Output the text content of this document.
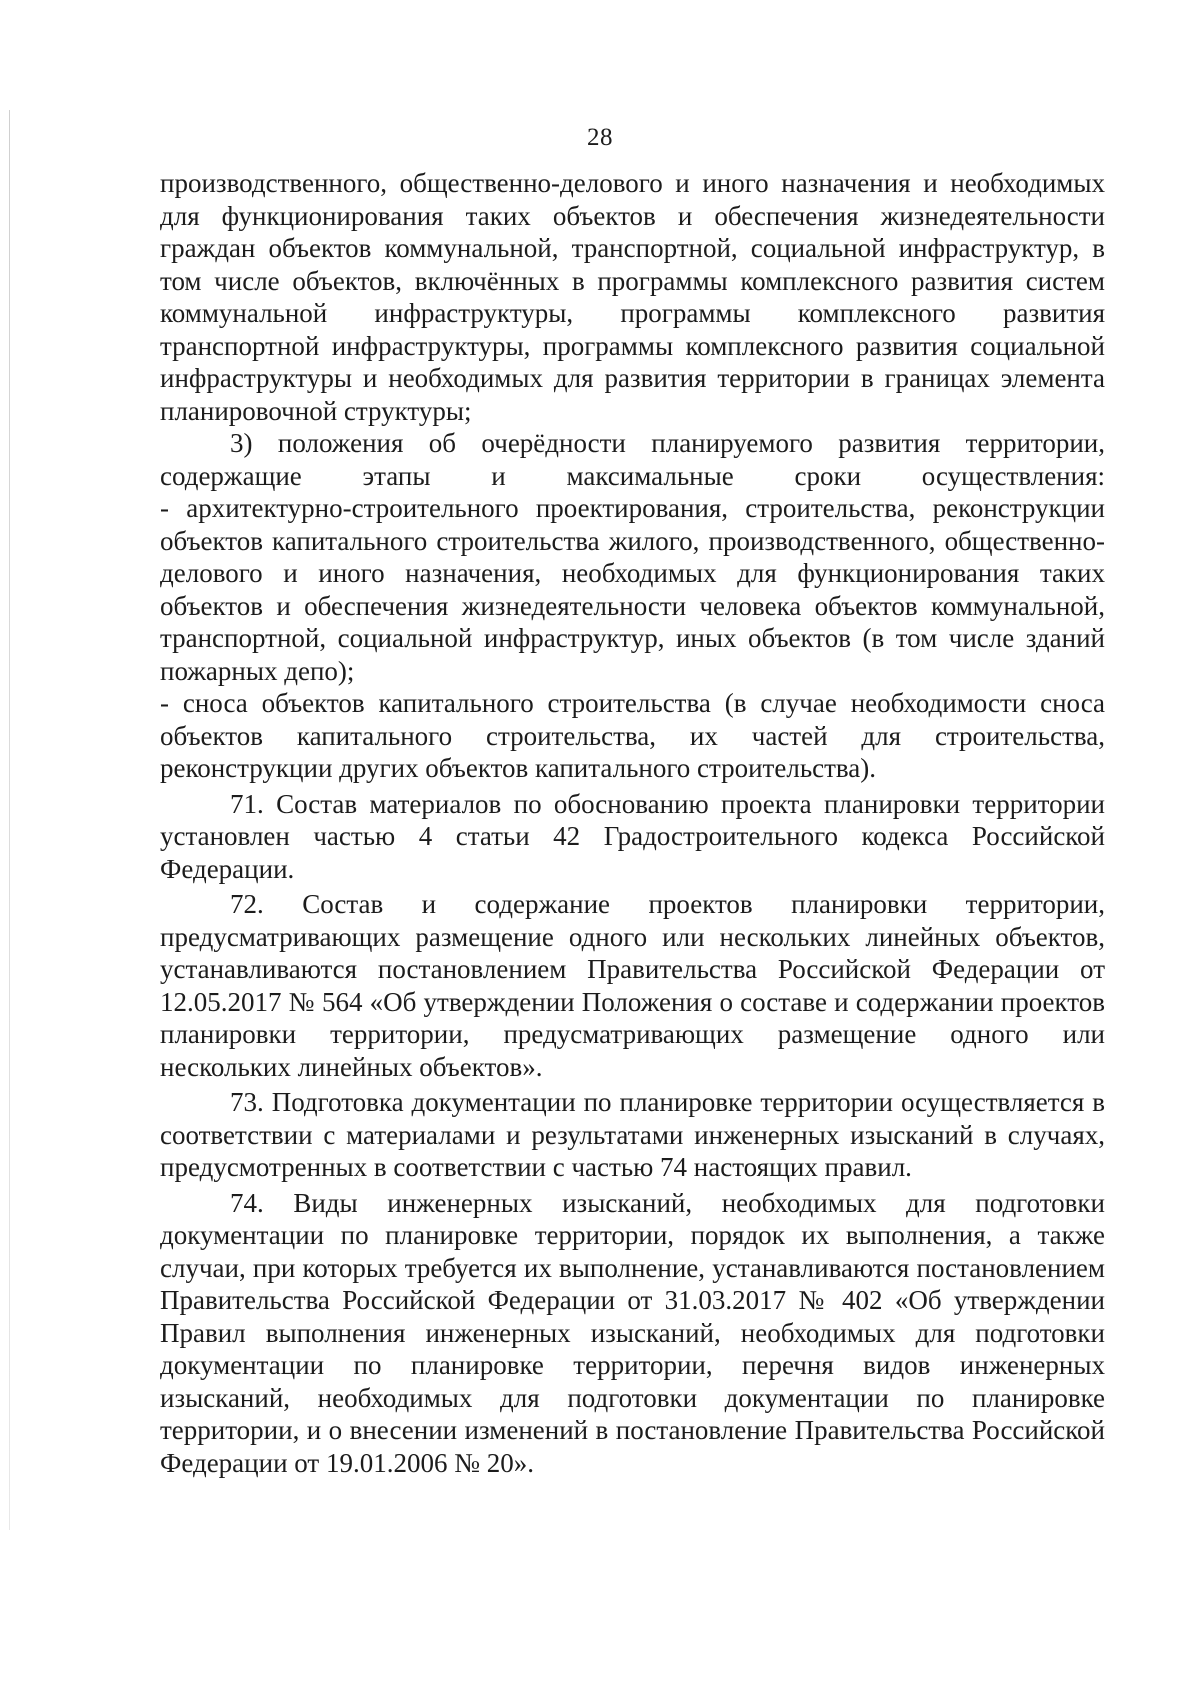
28

производственного, общественно-делового и иного назначения и необходимых для функционирования таких объектов и обеспечения жизнедеятельности граждан объектов коммунальной, транспортной, социальной инфраструктур, в том числе объектов, включённых в программы комплексного развития систем коммунальной инфраструктуры, программы комплексного развития транспортной инфраструктуры, программы комплексного развития социальной инфраструктуры и необходимых для развития территории в границах элемента планировочной структуры;

3) положения об очерёдности планируемого развития территории, содержащие этапы и максимальные сроки осуществления:

- архитектурно-строительного проектирования, строительства, реконструкции объектов капитального строительства жилого, производственного, общественно-делового и иного назначения, необходимых для функционирования таких объектов и обеспечения жизнедеятельности человека объектов коммунальной, транспортной, социальной инфраструктур, иных объектов (в том числе зданий пожарных депо);

- сноса объектов капитального строительства (в случае необходимости сноса объектов капитального строительства, их частей для строительства, реконструкции других объектов капитального строительства).

71. Состав материалов по обоснованию проекта планировки территории установлен частью 4 статьи 42 Градостроительного кодекса Российской Федерации.

72. Состав и содержание проектов планировки территории, предусматривающих размещение одного или нескольких линейных объектов, устанавливаются постановлением Правительства Российской Федерации от 12.05.2017 № 564 «Об утверждении Положения о составе и содержании проектов планировки территории, предусматривающих размещение одного или нескольких линейных объектов».

73. Подготовка документации по планировке территории осуществляется в соответствии с материалами и результатами инженерных изысканий в случаях, предусмотренных в соответствии с частью 74 настоящих правил.

74. Виды инженерных изысканий, необходимых для подготовки документации по планировке территории, порядок их выполнения, а также случаи, при которых требуется их выполнение, устанавливаются постановлением Правительства Российской Федерации от 31.03.2017 № 402 «Об утверждении Правил выполнения инженерных изысканий, необходимых для подготовки документации по планировке территории, перечня видов инженерных изысканий, необходимых для подготовки документации по планировке территории, и о внесении изменений в постановление Правительства Российской Федерации от 19.01.2006 № 20».
